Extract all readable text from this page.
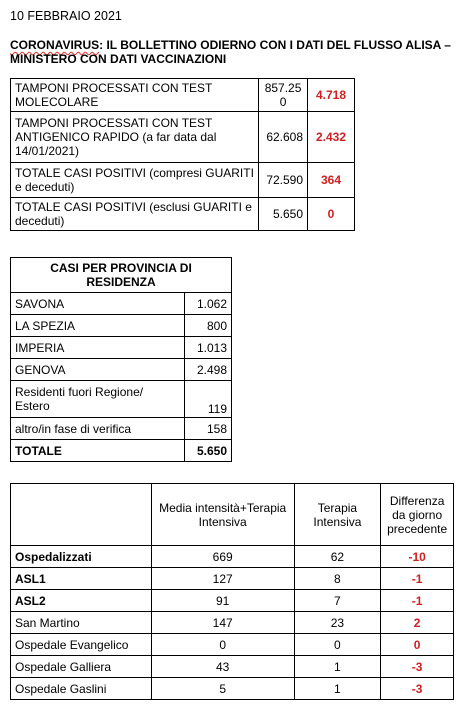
10 FEBBRAIO 2021
CORONAVIRUS: IL BOLLETTINO ODIERNO CON I DATI DEL FLUSSO ALISA – MINISTERO CON DATI VACCINAZIONI
TAMPONI PROCESSATI CON TEST MOLECOLARE	857.250	4.718
TAMPONI PROCESSATI CON TEST ANTIGENICO RAPIDO (a far data dal 14/01/2021)	62.608	2.432
TOTALE CASI POSITIVI (compresi GUARITI e deceduti)	72.590	364
TOTALE CASI POSITIVI (esclusi GUARITI e deceduti)	5.650	0
CASI PER PROVINCIA DI RESIDENZA	
SAVONA	1.062
LA SPEZIA	800
IMPERIA	1.013
GENOVA	2.498
Residenti fuori Regione/ Estero	119
altro/in fase di verifica	158
TOTALE	5.650
	Media intensità+Terapia Intensiva	Terapia Intensiva	Differenza da giorno precedente
Ospedalizzati	669	62	-10
ASL1	127	8	-1
ASL2	91	7	-1
San Martino	147	23	2
Ospedale Evangelico	0	0	0
Ospedale Galliera	43	1	-3
Ospedale Gaslini	5	1	-3
